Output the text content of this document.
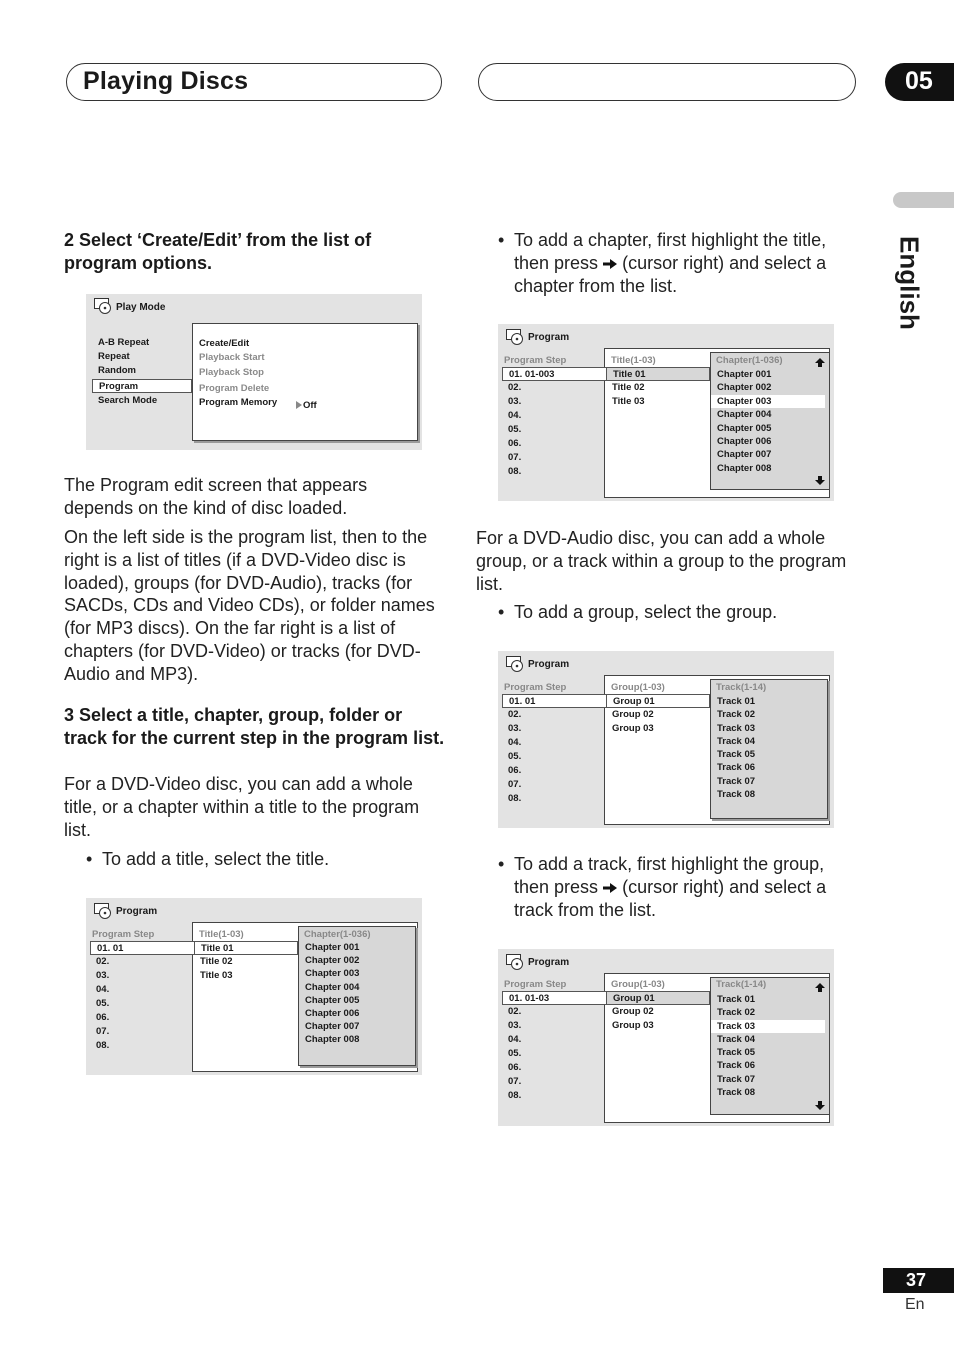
Playing Discs	05
English
2 Select ‘Create/Edit’ from the list of program options.
Play Mode
A-B Repeat
Repeat
Random
Program
Search Mode
Create/Edit
Playback Start
Playback Stop
Program Delete
Program Memory	Off
The Program edit screen that appears depends on the kind of disc loaded.
On the left side is the program list, then to the right is a list of titles (if a DVD-Video disc is loaded), groups (for DVD-Audio), tracks (for SACDs, CDs and Video CDs), or folder names (for MP3 discs). On the far right is a list of chapters (for DVD-Video) or tracks (for DVD-Audio and MP3).
3 Select a title, chapter, group, folder or track for the current step in the program list.
For a DVD-Video disc, you can add a whole title, or a chapter within a title to the program list.
• To add a title, select the title.
Program
Program Step
01. 01
02.
03.
04.
05.
06.
07.
08.
Title(1-03)
Title 01
Title 02
Title 03
Chapter(1-036)
Chapter 001
Chapter 002
Chapter 003
Chapter 004
Chapter 005
Chapter 006
Chapter 007
Chapter 008
• To add a chapter, first highlight the title, then press (cursor right) and select a chapter from the list.
Program
Program Step
01. 01-003
02.
03.
04.
05.
06.
07.
08.
Title(1-03)
Title 01
Title 02
Title 03
Chapter(1-036)
Chapter 001
Chapter 002
Chapter 003
Chapter 004
Chapter 005
Chapter 006
Chapter 007
Chapter 008
For a DVD-Audio disc, you can add a whole group, or a track within a group to the program list.
• To add a group, select the group.
Program
Program Step
01. 01
02.
03.
04.
05.
06.
07.
08.
Group(1-03)
Group 01
Group 02
Group 03
Track(1-14)
Track 01
Track 02
Track 03
Track 04
Track 05
Track 06
Track 07
Track 08
• To add a track, first highlight the group, then press (cursor right) and select a track from the list.
Program
Program Step
01. 01-03
02.
03.
04.
05.
06.
07.
08.
Group(1-03)
Group 01
Group 02
Group 03
Track(1-14)
Track 01
Track 02
Track 03
Track 04
Track 05
Track 06
Track 07
Track 08
37
En
